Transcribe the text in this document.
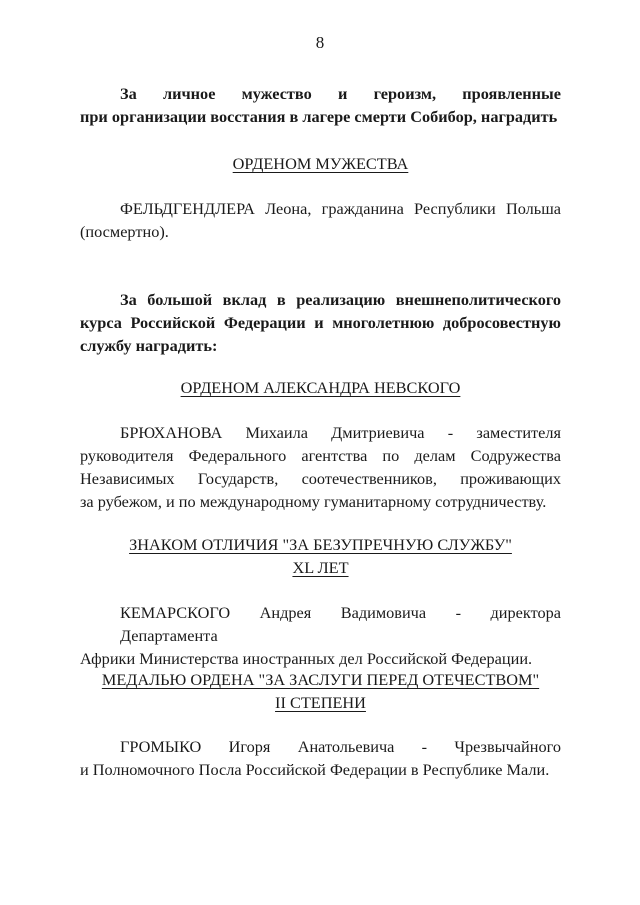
8
За личное мужество и героизм, проявленные
при организации восстания в лагере смерти Собибор, наградить
ОРДЕНОМ МУЖЕСТВА
ФЕЛЬДГЕНДЛЕРА Леона, гражданина Республики Польша
(посмертно).
За большой вклад в реализацию внешнеполитического
курса Российской Федерации и многолетнюю добросовестную
службу наградить:
ОРДЕНОМ АЛЕКСАНДРА НЕВСКОГО
БРЮХАНОВА Михаила Дмитриевича - заместителя
руководителя Федерального агентства по делам Содружества
Независимых Государств, соотечественников, проживающих
за рубежом, и по международному гуманитарному сотрудничеству.
ЗНАКОМ ОТЛИЧИЯ "ЗА БЕЗУПРЕЧНУЮ СЛУЖБУ"
XL ЛЕТ
КЕМАРСКОГО Андрея Вадимовича - директора Департамента
Африки Министерства иностранных дел Российской Федерации.
МЕДАЛЬЮ ОРДЕНА "ЗА ЗАСЛУГИ ПЕРЕД ОТЕЧЕСТВОМ"
II СТЕПЕНИ
ГРОМЫКО Игоря Анатольевича - Чрезвычайного
и Полномочного Посла Российской Федерации в Республике Мали.
